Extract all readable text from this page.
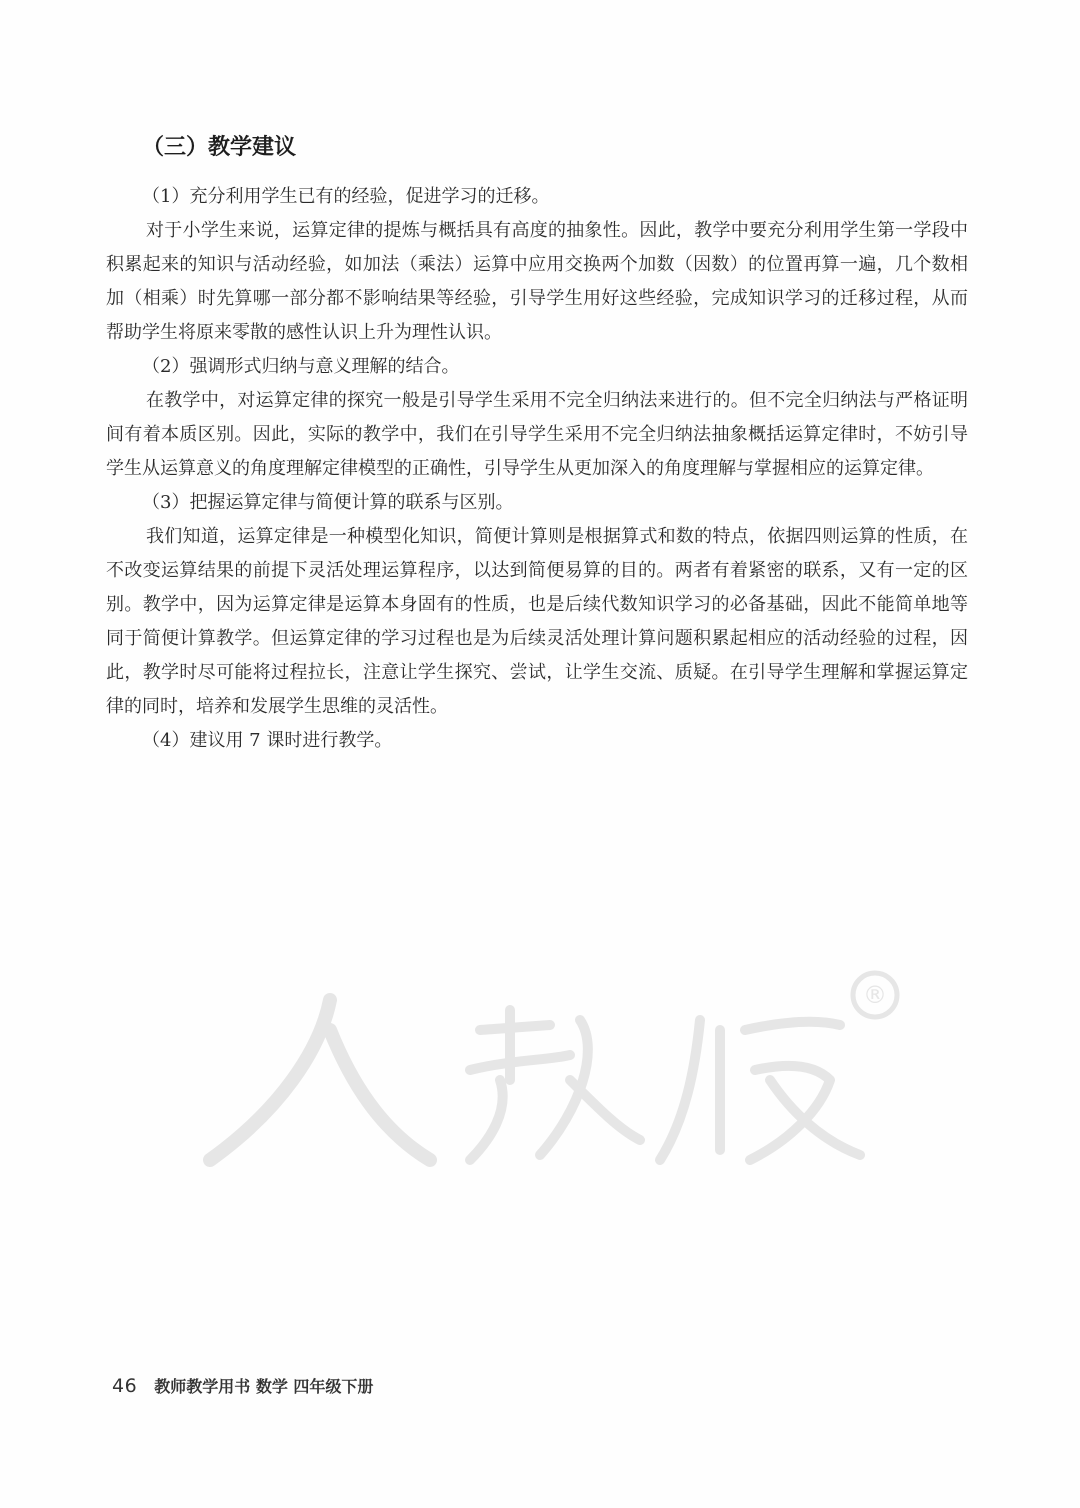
®
（三）教学建议

（1）充分利用学生已有的经验，促进学习的迁移。

对于小学生来说，运算定律的提炼与概括具有高度的抽象性。因此，教学中要充分利用学生第一学段中积累起来的知识与活动经验，如加法（乘法）运算中应用交换两个加数（因数）的位置再算一遍，几个数相加（相乘）时先算哪一部分都不影响结果等经验，引导学生用好这些经验，完成知识学习的迁移过程，从而帮助学生将原来零散的感性认识上升为理性认识。

（2）强调形式归纳与意义理解的结合。

在教学中，对运算定律的探究一般是引导学生采用不完全归纳法来进行的。但不完全归纳法与严格证明间有着本质区别。因此，实际的教学中，我们在引导学生采用不完全归纳法抽象概括运算定律时，不妨引导学生从运算意义的角度理解定律模型的正确性，引导学生从更加深入的角度理解与掌握相应的运算定律。

（3）把握运算定律与简便计算的联系与区别。

我们知道，运算定律是一种模型化知识，简便计算则是根据算式和数的特点，依据四则运算的性质，在不改变运算结果的前提下灵活处理运算程序，以达到简便易算的目的。两者有着紧密的联系，又有一定的区别。教学中，因为运算定律是运算本身固有的性质，也是后续代数知识学习的必备基础，因此不能简单地等同于简便计算教学。但运算定律的学习过程也是为后续灵活处理计算问题积累起相应的活动经验的过程，因此，教学时尽可能将过程拉长，注意让学生探究、尝试，让学生交流、质疑。在引导学生理解和掌握运算定律的同时，培养和发展学生思维的灵活性。

（4）建议用 7 课时进行教学。

46 教师教学用书 数学 四年级下册
